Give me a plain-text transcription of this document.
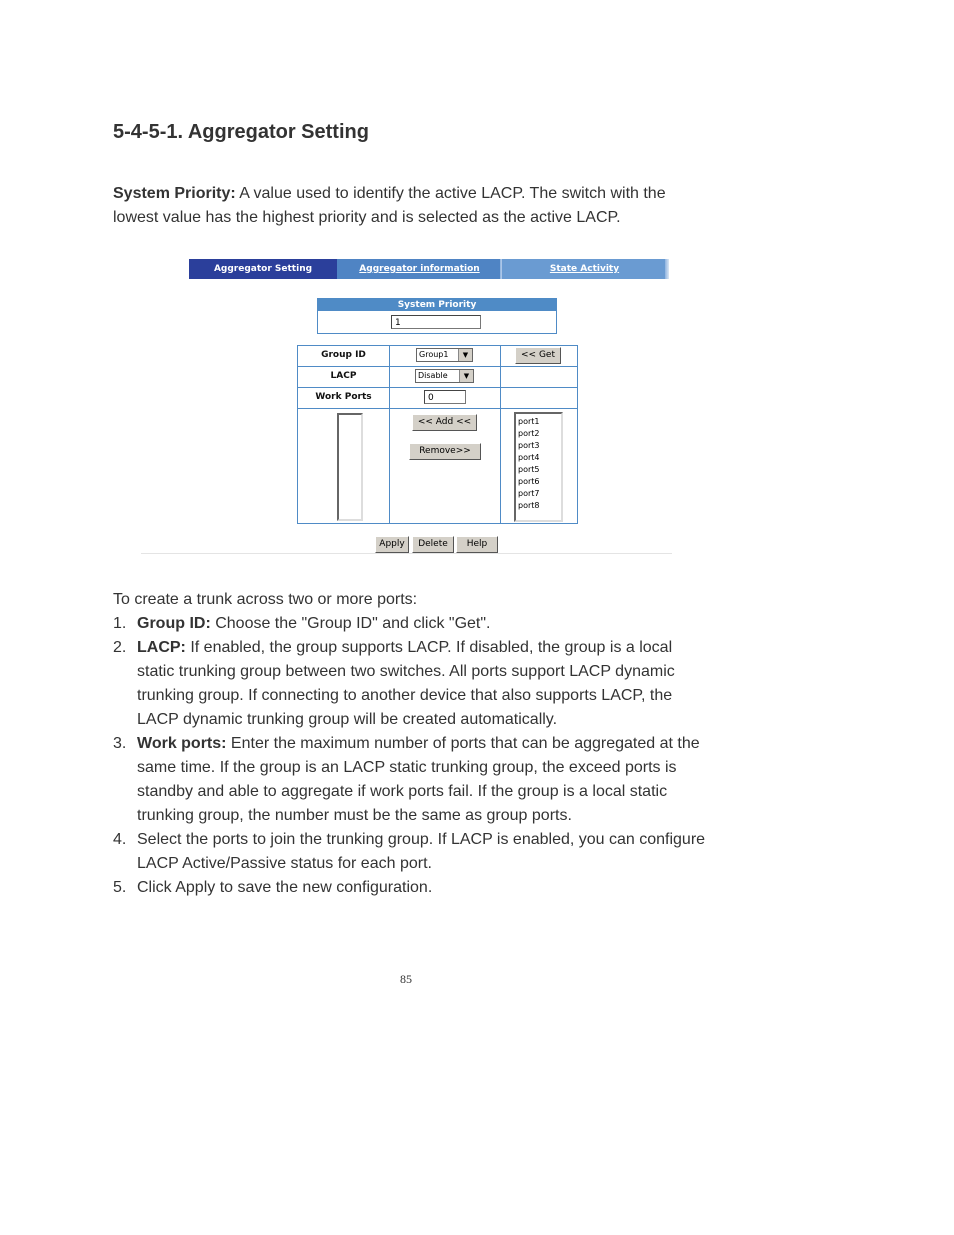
5-4-5-1. Aggregator Setting
System Priority: A value used to identify the active LACP. The switch with the lowest value has the highest priority and is selected as the active LACP.
Aggregator Setting	Aggregator information	State Activity
System Priority
1
Group ID	Group1	▼	<< Get
LACP	Disable	▼
Work Ports	0
<< Add <<
Remove>>
port1
port2
port3
port4
port5
port6
port7
port8
Apply	Delete	Help
To create a trunk across two or more ports:
1. Group ID: Choose the "Group ID" and click "Get".
2. LACP: If enabled, the group supports LACP. If disabled, the group is a local static trunking group between two switches. All ports support LACP dynamic trunking group. If connecting to another device that also supports LACP, the LACP dynamic trunking group will be created automatically.
3. Work ports: Enter the maximum number of ports that can be aggregated at the same time. If the group is an LACP static trunking group, the exceed ports is standby and able to aggregate if work ports fail. If the group is a local static trunking group, the number must be the same as group ports.
4. Select the ports to join the trunking group. If LACP is enabled, you can configure LACP Active/Passive status for each port.
5. Click Apply to save the new configuration.
85
